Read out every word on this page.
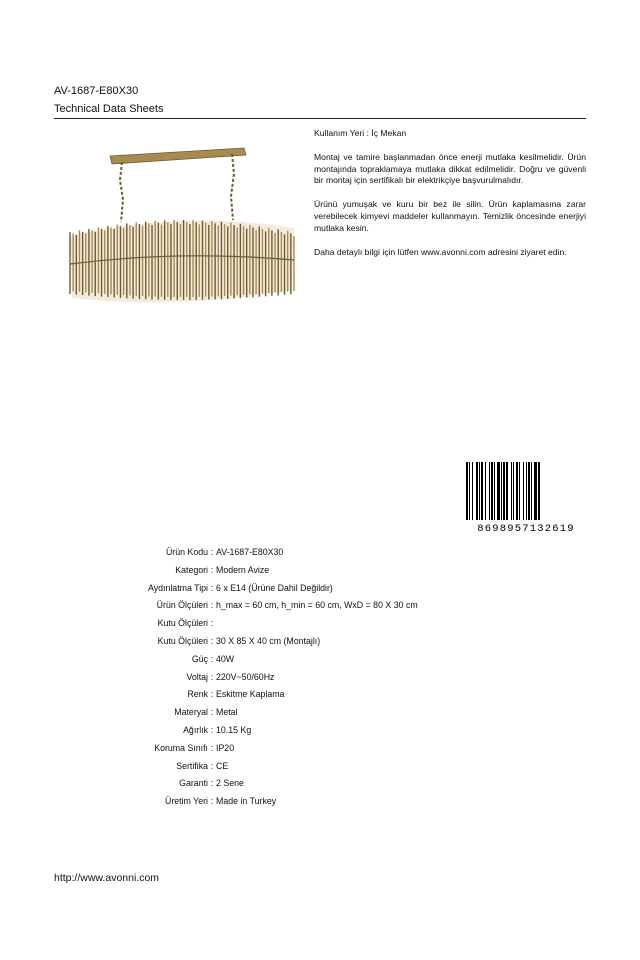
AV-1687-E80X30
Technical Data Sheets

Kullanım Yeri : İç Mekan

Montaj ve tamire başlanmadan önce enerji mutlaka kesilmelidir. Ürün montajında topraklamaya mutlaka dikkat edilmelidir. Doğru ve güvenli bir montaj için sertifikalı bir elektrikçiye başvurulmalıdır.

Ürünü yumuşak ve kuru bir bez ile silin. Ürün kaplamasına zarar verebilecek kimyevi maddeler kullanmayın. Temizlik öncesinde enerjiyi mutlaka kesin.

Daha detaylı bilgi için lütfen www.avonni.com adresini ziyaret edin.

8698957132619
Ürün Kodu : AV-1687-E80X30
Kategori : Modern Avize
Aydınlatma Tipi : 6 x E14 (Ürüne Dahil Değildir)
Ürün Ölçüleri : h_max = 60 cm, h_min = 60 cm, WxD = 80 X 30 cm
Kutu Ölçüleri :
Kutu Ölçüleri : 30 X 85 X 40 cm (Montajlı)
Güç : 40W
Voltaj : 220V~50/60Hz
Renk : Eskitme Kaplama
Materyal : Metal
Ağırlık : 10.15 Kg
Koruma Sınıfı : IP20
Sertifika : CE
Garanti : 2 Sene
Üretim Yeri : Made in Turkey
http://www.avonni.com
